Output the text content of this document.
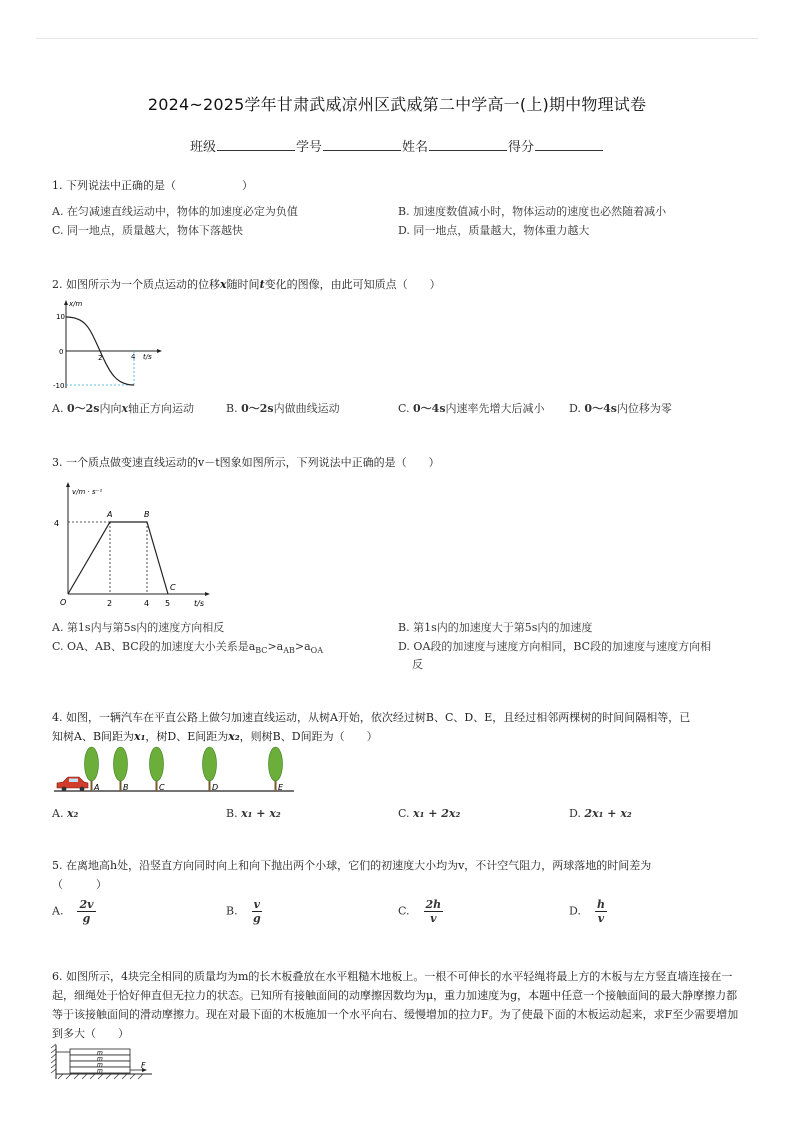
2024~2025学年甘肃武威凉州区武威第二中学高一(上)期中物理试卷
班级	学号	姓名	得分
1. 下列说法中正确的是（　　　　　　）
A. 在匀减速直线运动中，物体的加速度必定为负值	B. 加速度数值减小时，物体运动的速度也必然随着减小
C. 同一地点，质量越大，物体下落越快	D. 同一地点，质量越大，物体重力越大
2. 如图所示为一个质点运动的位移x随时间t变化的图像，由此可知质点（　　）
x/m
t/s
10
0
-10
2	4
A. 0～2s内向x轴正方向运动	B. 0～2s内做曲线运动	C. 0～4s内速率先增大后减小 D. 0～4s内位移为零
3. 一个质点做变速直线运动的v－t图象如图所示，下列说法中正确的是（　　）
v/m · s⁻¹
t/s
4
O	2	4 5
A	B
C
A. 第1s内与第5s内的速度方向相反	B. 第1s内的加速度大于第5s内的加速度
C. OA、AB、BC段的加速度大小关系是$a_{BC}>a_{AB}>a_{OA}$	D. OA段的加速度与速度方向相同，BC段的加速度与速度方向相
反
4. 如图，一辆汽车在平直公路上做匀加速直线运动，从树A开始，依次经过树B、C、D、E，且经过相邻两棵树的时间间隔相等，已
知树A、B间距为x₁，树D、E间距为x₂，则树B、D间距为（　　）
A	B	C	D	E
A. x₂	B. x₁ + x₂	C. x₁ + 2x₂	D. 2x₁ + x₂
5. 在离地高h处，沿竖直方向同时向上和向下抛出两个小球，它们的初速度大小均为v，不计空气阻力，两球落地的时间差为
（　　　）
A. $\frac{2v}{g}$	B. $\frac{v}{g}$	C. $\frac{2h}{v}$	D. $\frac{h}{v}$
6. 如图所示，4块完全相同的质量均为m的长木板叠放在水平粗糙木地板上。一根不可伸长的水平轻绳将最上方的木板与左方竖直墙连接在一起，细绳处于恰好伸直但无拉力的状态。已知所有接触面间的动摩擦因数均为μ，重力加速度为g，本题中任意一个接触面间的最大静摩擦力都等于该接触面间的滑动摩擦力。现在对最下面的木板施加一个水平向右、缓慢增加的拉力F。为了使最下面的木板运动起来，求F至少需要增加到多大（　　）
m
m
m
m
F
